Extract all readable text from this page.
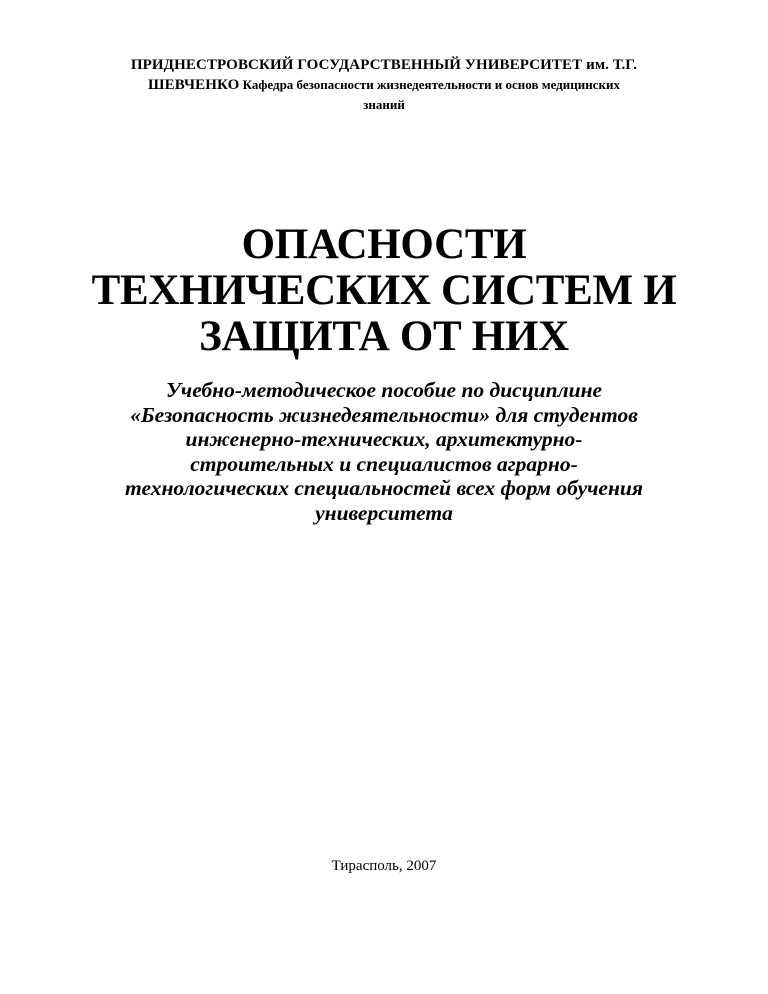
ПРИДНЕСТРОВСКИЙ ГОСУДАРСТВЕННЫЙ УНИВЕРСИТЕТ им. Т.Г.
ШЕВЧЕНКО Кафедра безопасности жизнедеятельности и основ медицинских
знаний
ОПАСНОСТИ
ТЕХНИЧЕСКИХ СИСТЕМ И
ЗАЩИТА ОТ НИХ
Учебно-методическое пособие по дисциплине
«Безопасность жизнедеятельности» для студентов
инженерно-технических, архитектурно-
строительных и специалистов аграрно-
технологических специальностей всех форм обучения
университета
Тирасполь, 2007
